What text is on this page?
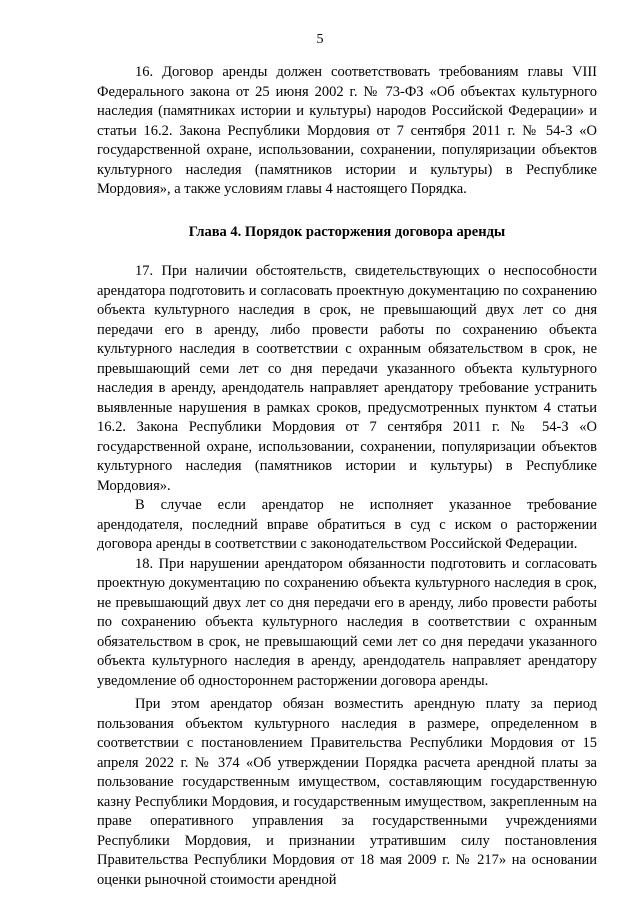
5

16. Договор аренды должен соответствовать требованиям главы VIII Федерального закона от 25 июня 2002 г. № 73-ФЗ «Об объектах культурного наследия (памятниках истории и культуры) народов Российской Федерации» и статьи 16.2. Закона Республики Мордовия от 7 сентября 2011 г. № 54-З «О государственной охране, использовании, сохранении, популяризации объектов культурного наследия (памятников истории и культуры) в Республике Мордовия», а также условиям главы 4 настоящего Порядка.

Глава 4. Порядок расторжения договора аренды

17. При наличии обстоятельств, свидетельствующих о неспособности арендатора подготовить и согласовать проектную документацию по сохранению объекта культурного наследия в срок, не превышающий двух лет со дня передачи его в аренду, либо провести работы по сохранению объекта культурного наследия в соответствии с охранным обязательством в срок, не превышающий семи лет со дня передачи указанного объекта культурного наследия в аренду, арендодатель направляет арендатору требование устранить выявленные нарушения в рамках сроков, предусмотренных пунктом 4 статьи 16.2. Закона Республики Мордовия от 7 сентября 2011 г. № 54-З «О государственной охране, использовании, сохранении, популяризации объектов культурного наследия (памятников истории и культуры) в Республике Мордовия».

В случае если арендатор не исполняет указанное требование арендодателя, последний вправе обратиться в суд с иском о расторжении договора аренды в соответствии с законодательством Российской Федерации.

18. При нарушении арендатором обязанности подготовить и согласовать проектную документацию по сохранению объекта культурного наследия в срок, не превышающий двух лет со дня передачи его в аренду, либо провести работы по сохранению объекта культурного наследия в соответствии с охранным обязательством в срок, не превышающий семи лет со дня передачи указанного объекта культурного наследия в аренду, арендодатель направляет арендатору уведомление об одностороннем расторжении договора аренды.

При этом арендатор обязан возместить арендную плату за период пользования объектом культурного наследия в размере, определенном в соответствии с постановлением Правительства Республики Мордовия от 15 апреля 2022 г. № 374 «Об утверждении Порядка расчета арендной платы за пользование государственным имуществом, составляющим государственную казну Республики Мордовия, и государственным имуществом, закрепленным на праве оперативного управления за государственными учреждениями Республики Мордовия, и признании утратившим силу постановления Правительства Республики Мордовия от 18 мая 2009 г. № 217» на основании оценки рыночной стоимости арендной
